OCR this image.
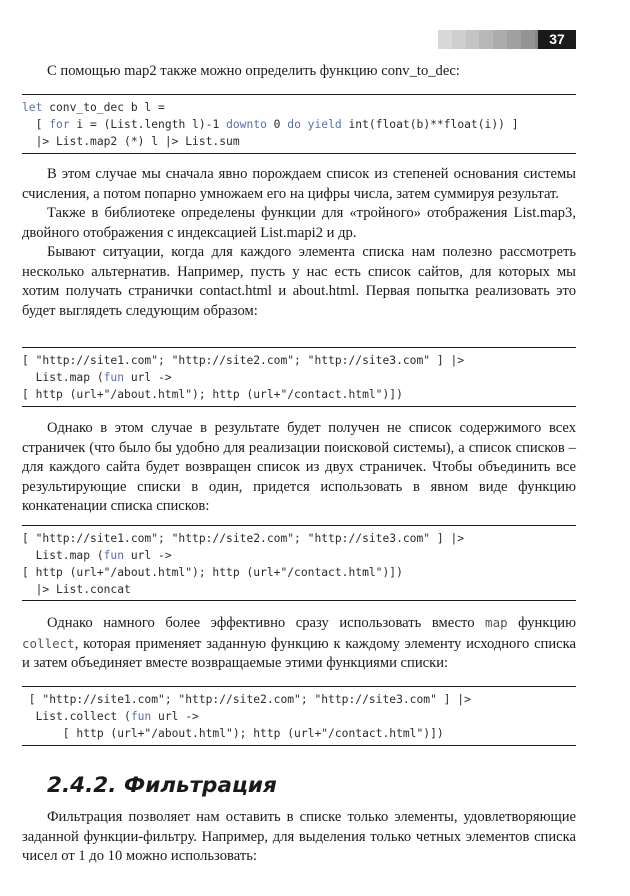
37

С помощью map2 также можно определить функцию conv_to_dec:

let conv_to_dec b l =
[ for i = (List.length l)-1 downto 0 do yield int(float(b)**float(i)) ]
|> List.map2 (*) l |> List.sum

В этом случае мы сначала явно порождаем список из степеней основания системы счисления, а потом попарно умножаем его на цифры числа, затем суммируя результат.

Также в библиотеке определены функции для «тройного» отображения List.map3, двойного отображения с индексацией List.mapi2 и др.

Бывают ситуации, когда для каждого элемента списка нам полезно рассмотреть несколько альтернатив. Например, пусть у нас есть список сайтов, для которых мы хотим получать странички contact.html и about.html. Первая попытка реализовать это будет выглядеть следующим образом:

[ "http://site1.com"; "http://site2.com"; "http://site3.com" ] |>
List.map (fun url ->
[ http (url+"/about.html"); http (url+"/contact.html")])

Однако в этом случае в результате будет получен не список содержимого всех страничек (что было бы удобно для реализации поисковой системы), а список списков – для каждого сайта будет возвращен список из двух страничек. Чтобы объединить все результирующие списки в один, придется использовать в явном виде функцию конкатенации списка списков:

[ "http://site1.com"; "http://site2.com"; "http://site3.com" ] |>
List.map (fun url ->
[ http (url+"/about.html"); http (url+"/contact.html")])
|> List.concat

Однако намного более эффективно сразу использовать вместо map функцию collect, которая применяет заданную функцию к каждому элементу исходного списка и затем объединяет вместе возвращаемые этими функциями списки:

[ "http://site1.com"; "http://site2.com"; "http://site3.com" ] |>
List.collect (fun url ->
[ http (url+"/about.html"); http (url+"/contact.html")])
2.4.2. Фильтрация

Фильтрация позволяет нам оставить в списке только элементы, удовлетворяющие заданной функции-фильтру. Например, для выделения только четных элементов списка чисел от 1 до 10 можно использовать:
